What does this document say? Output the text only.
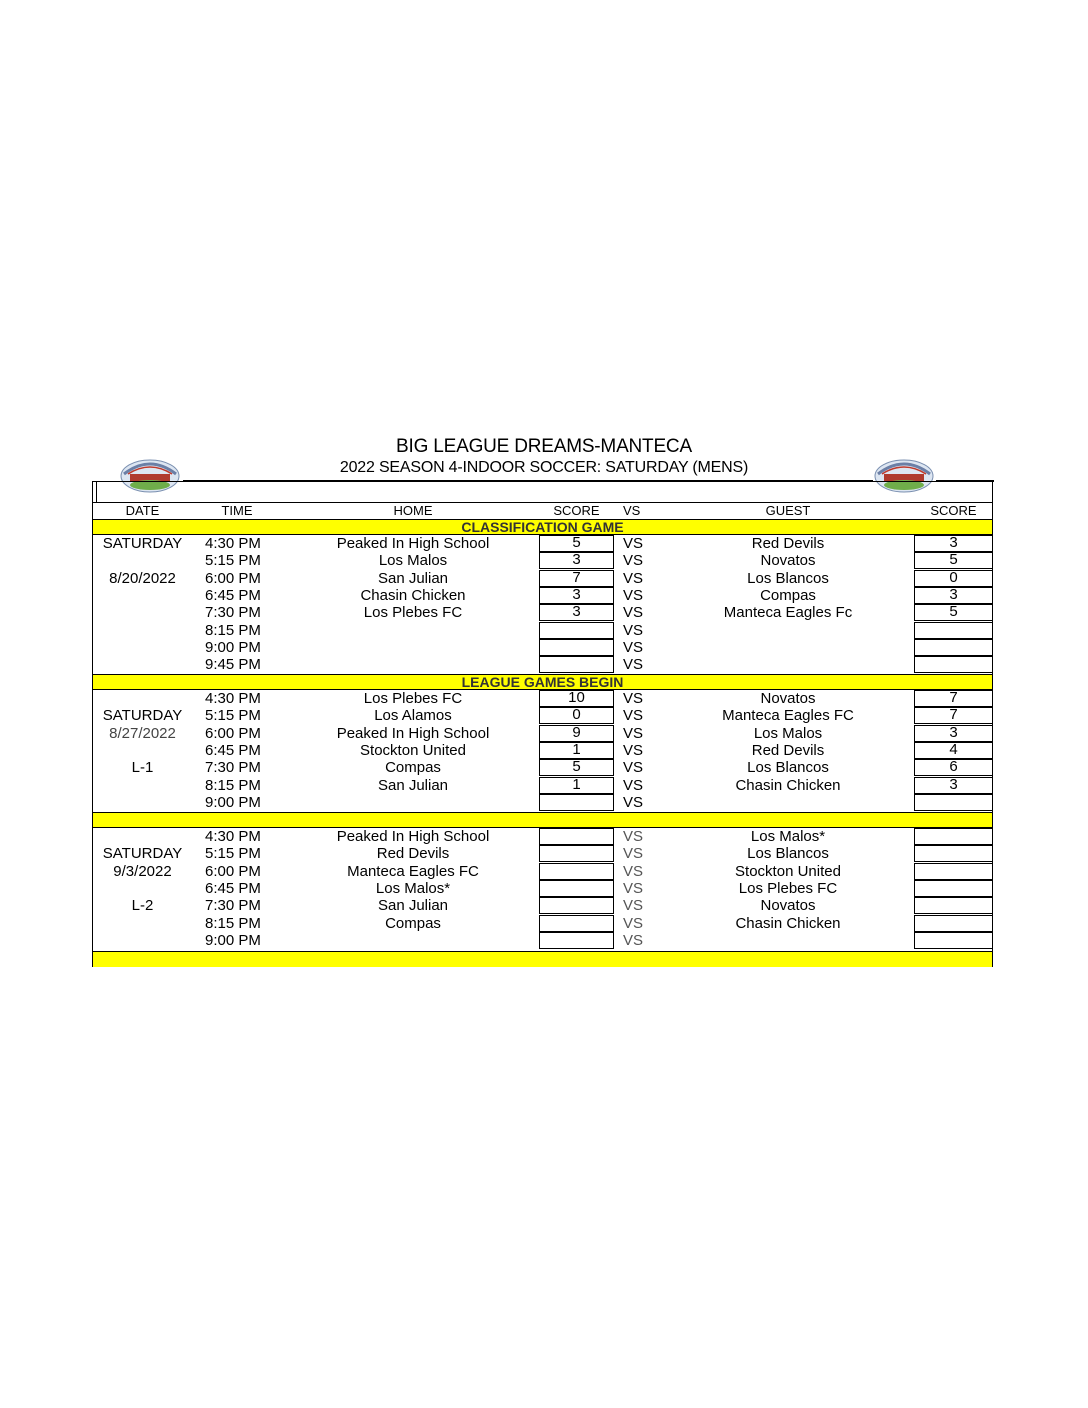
BIG LEAGUE DREAMS-MANTECA
2022 SEASON 4-INDOOR SOCCER: SATURDAY (MENS)
DATE	TIME	HOME	SCORE	VS	GUEST	SCORE
CLASSIFICATION GAME
SATURDAY	4:30 PM	Peaked In High School	5	VS	Red Devils	3
5:15 PM	Los Malos	3	VS	Novatos	5
8/20/2022	6:00 PM	San Julian	7	VS	Los Blancos	0
6:45 PM	Chasin Chicken	3	VS	Compas	3
7:30 PM	Los Plebes FC	3	VS	Manteca Eagles Fc	5
8:15 PM	VS
9:00 PM	VS
9:45 PM	VS
LEAGUE GAMES BEGIN
4:30 PM	Los Plebes FC	10	VS	Novatos	7
SATURDAY	5:15 PM	Los Alamos	0	VS	Manteca Eagles FC	7
8/27/2022	6:00 PM	Peaked In High School	9	VS	Los Malos	3
6:45 PM	Stockton United	1	VS	Red Devils	4
L-1	7:30 PM	Compas	5	VS	Los Blancos	6
8:15 PM	San Julian	1	VS	Chasin Chicken	3
9:00 PM	VS
4:30 PM	Peaked In High School	VS	Los Malos*
SATURDAY	5:15 PM	Red Devils	VS	Los Blancos
9/3/2022	6:00 PM	Manteca Eagles FC	VS	Stockton United
6:45 PM	Los Malos*	VS	Los Plebes FC
L-2	7:30 PM	San Julian	VS	Novatos
8:15 PM	Compas	VS	Chasin Chicken
9:00 PM	VS
